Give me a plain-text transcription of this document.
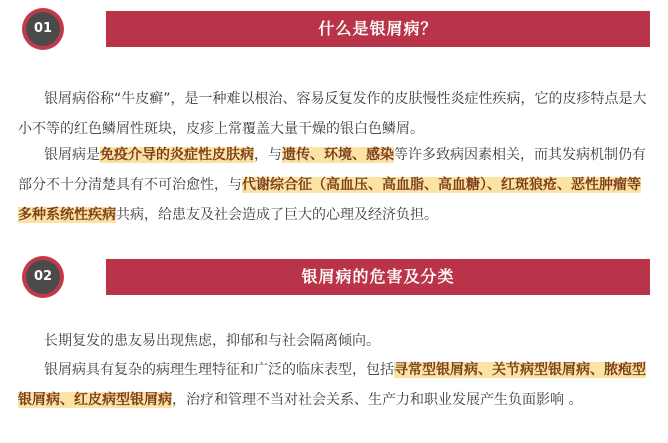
01	什么是银屑病？
银屑病俗称“牛皮癣”，是一种难以根治、容易反复发作的皮肤慢性炎症性疾病，它的皮疹特点是大小不等的红色鳞屑性斑块，皮疹上常覆盖大量干燥的银白色鳞屑。
银屑病是免疫介导的炎症性皮肤病，与遗传、环境、感染等许多致病因素相关，而其发病机制仍有部分不十分清楚具有不可治愈性，与代谢综合征（高血压、高血脂、高血糖）、红斑狼疮、恶性肿瘤等多种系统性疾病共病，给患友及社会造成了巨大的心理及经济负担。
02	银屑病的危害及分类
长期复发的患友易出现焦虑，抑郁和与社会隔离倾向。
银屑病具有复杂的病理生理特征和广泛的临床表型，包括寻常型银屑病、关节病型银屑病、脓疱型银屑病、红皮病型银屑病，治疗和管理不当对社会关系、生产力和职业发展产生负面影响 。
